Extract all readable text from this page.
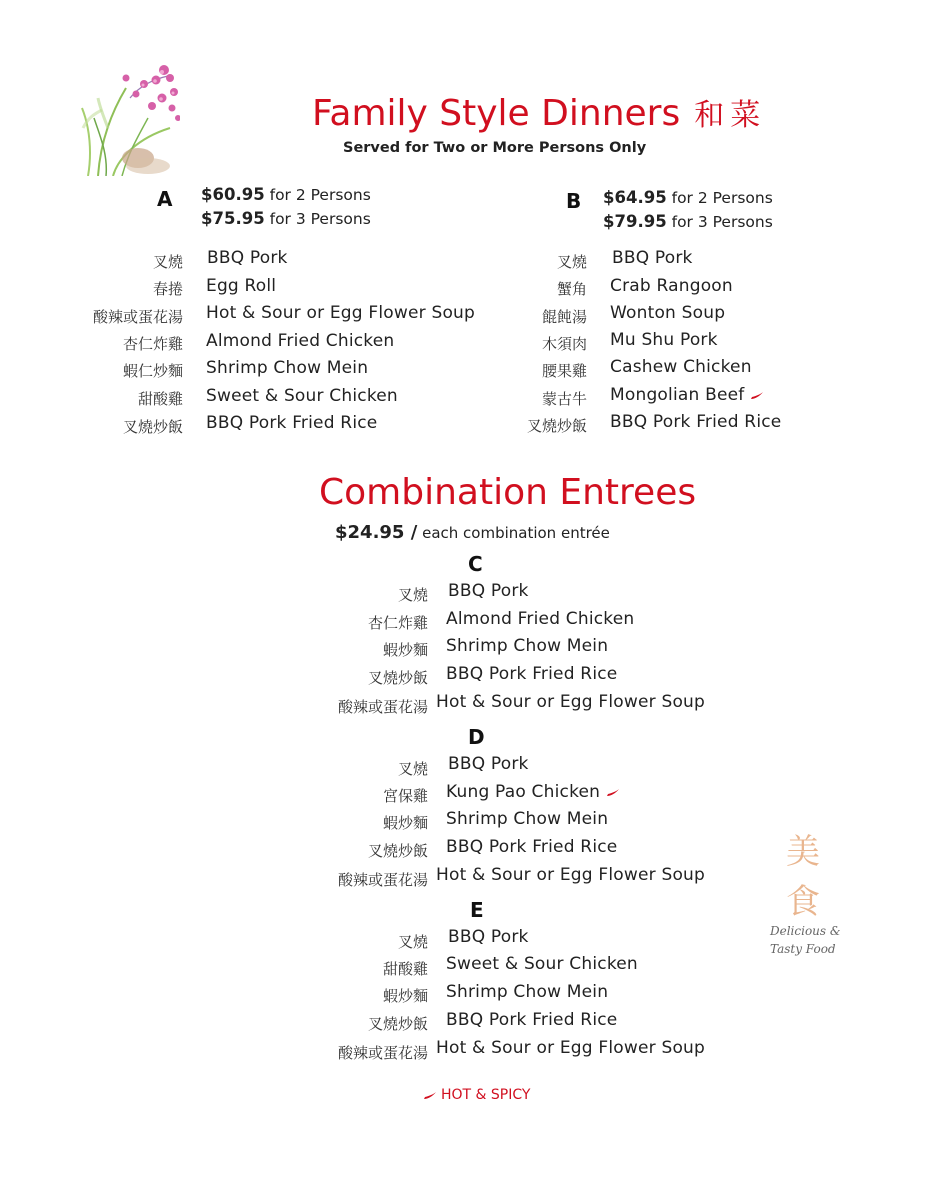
Family Style Dinners 和菜
Served for Two or More Persons Only
A $60.95 for 2 Persons
$75.95 for 3 Persons
叉燒 BBQ Pork
春捲 Egg Roll
酸辣或蛋花湯 Hot & Sour or Egg Flower Soup
杏仁炸雞 Almond Fried Chicken
蝦仁炒麵 Shrimp Chow Mein
甜酸雞 Sweet & Sour Chicken
叉燒炒飯 BBQ Pork Fried Rice
B $64.95 for 2 Persons
$79.95 for 3 Persons
叉燒 BBQ Pork
蟹角 Crab Rangoon
餛飩湯 Wonton Soup
木須肉 Mu Shu Pork
腰果雞 Cashew Chicken
蒙古牛 Mongolian Beef
叉燒炒飯 BBQ Pork Fried Rice
Combination Entrees
$24.95 / each combination entrée
C
叉燒 BBQ Pork
杏仁炸雞 Almond Fried Chicken
蝦炒麵 Shrimp Chow Mein
叉燒炒飯 BBQ Pork Fried Rice
酸辣或蛋花湯 Hot & Sour or Egg Flower Soup
D
叉燒 BBQ Pork
宮保雞 Kung Pao Chicken
蝦炒麵 Shrimp Chow Mein
叉燒炒飯 BBQ Pork Fried Rice
酸辣或蛋花湯 Hot & Sour or Egg Flower Soup
E
叉燒 BBQ Pork
甜酸雞 Sweet & Sour Chicken
蝦炒麵 Shrimp Chow Mein
叉燒炒飯 BBQ Pork Fried Rice
酸辣或蛋花湯 Hot & Sour or Egg Flower Soup
HOT & SPICY
美
食
Delicious &
Tasty Food
